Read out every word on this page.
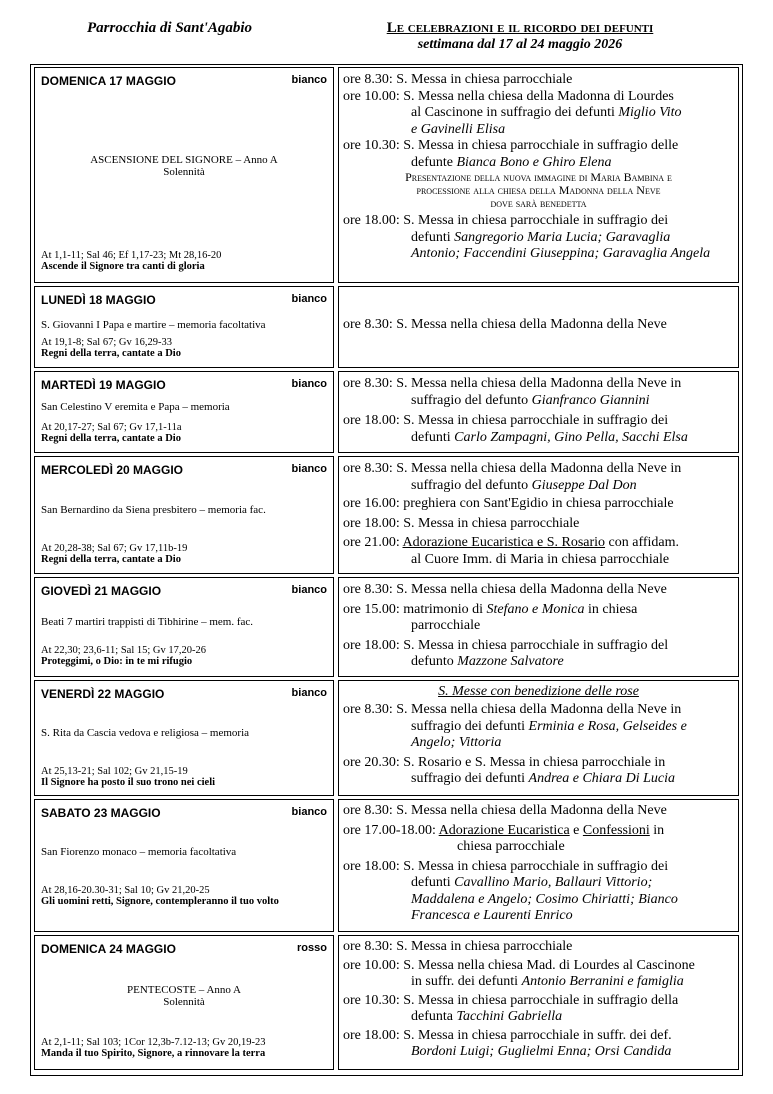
Parrocchia di Sant'Agabio	Le celebrazioni e il ricordo dei defunti
settimana dal 17 al 24 maggio 2026
DOMENICA 17 MAGGIO	bianco
ASCENSIONE DEL SIGNORE – Anno A
Solennità
At 1,1-11; Sal 46; Ef 1,17-23; Mt 28,16-20
Ascende il Signore tra canti di gloria

ore 8.30: S. Messa in chiesa parrocchiale

ore 10.00: S. Messa nella chiesa della Madonna di Lourdes
al Cascinone in suffragio dei defunti Miglio Vito
e Gavinelli Elisa

ore 10.30: S. Messa in chiesa parrocchiale in suffragio delle
defunte Bianca Bono e Ghiro Elena

Presentazione della nuova immagine di Maria Bambina e
processione alla chiesa della Madonna della Neve
dove sarà benedetta

ore 18.00: S. Messa in chiesa parrocchiale in suffragio dei
defunti Sangregorio Maria Lucia; Garavaglia
Antonio; Faccendini Giuseppina; Garavaglia Angela

LUNEDÌ 18 MAGGIO	bianco
S. Giovanni I Papa e martire – memoria facoltativa
At 19,1-8; Sal 67; Gv 16,29-33
Regni della terra, cantate a Dio

ore 8.30: S. Messa nella chiesa della Madonna della Neve

MARTEDÌ 19 MAGGIO	bianco
San Celestino V eremita e Papa – memoria
At 20,17-27; Sal 67; Gv 17,1-11a
Regni della terra, cantate a Dio

ore 8.30: S. Messa nella chiesa della Madonna della Neve in
suffragio del defunto Gianfranco Giannini

ore 18.00: S. Messa in chiesa parrocchiale in suffragio dei
defunti Carlo Zampagni, Gino Pella, Sacchi Elsa

MERCOLEDÌ 20 MAGGIO	bianco
San Bernardino da Siena presbitero – memoria fac.
At 20,28-38; Sal 67; Gv 17,11b-19
Regni della terra, cantate a Dio

ore 8.30: S. Messa nella chiesa della Madonna della Neve in
suffragio del defunto Giuseppe Dal Don

ore 16.00: preghiera con Sant'Egidio in chiesa parrocchiale

ore 18.00: S. Messa in chiesa parrocchiale

ore 21.00: Adorazione Eucaristica e S. Rosario con affidam.
al Cuore Imm. di Maria in chiesa parrocchiale

GIOVEDÌ 21 MAGGIO	bianco
Beati 7 martiri trappisti di Tibhirine – mem. fac.
At 22,30; 23,6-11; Sal 15; Gv 17,20-26
Proteggimi, o Dio: in te mi rifugio

ore 8.30: S. Messa nella chiesa della Madonna della Neve

ore 15.00: matrimonio di Stefano e Monica in chiesa
parrocchiale

ore 18.00: S. Messa in chiesa parrocchiale in suffragio del
defunto Mazzone Salvatore

VENERDÌ 22 MAGGIO	bianco
S. Rita da Cascia vedova e religiosa – memoria
At 25,13-21; Sal 102; Gv 21,15-19
Il Signore ha posto il suo trono nei cieli

S. Messe con benedizione delle rose

ore 8.30: S. Messa nella chiesa della Madonna della Neve in
suffragio dei defunti Erminia e Rosa, Gelseides e
Angelo; Vittoria

ore 20.30: S. Rosario e S. Messa in chiesa parrocchiale in
suffragio dei defunti Andrea e Chiara Di Lucia

SABATO 23 MAGGIO	bianco
San Fiorenzo monaco – memoria facoltativa
At 28,16-20.30-31; Sal 10; Gv 21,20-25
Gli uomini retti, Signore, contempleranno il tuo volto

ore 8.30: S. Messa nella chiesa della Madonna della Neve

ore 17.00-18.00: Adorazione Eucaristica e Confessioni in
chiesa parrocchiale

ore 18.00: S. Messa in chiesa parrocchiale in suffragio dei
defunti Cavallino Mario, Ballauri Vittorio;
Maddalena e Angelo; Cosimo Chiriatti; Bianco
Francesca e Laurenti Enrico

DOMENICA 24 MAGGIO	rosso
PENTECOSTE – Anno A
Solennità
At 2,1-11; Sal 103; 1Cor 12,3b-7.12-13; Gv 20,19-23
Manda il tuo Spirito, Signore, a rinnovare la terra

ore 8.30: S. Messa in chiesa parrocchiale

ore 10.00: S. Messa nella chiesa Mad. di Lourdes al Cascinone
in suffr. dei defunti Antonio Berranini e famiglia

ore 10.30: S. Messa in chiesa parrocchiale in suffragio della
defunta Tacchini Gabriella

ore 18.00: S. Messa in chiesa parrocchiale in suffr. dei def.
Bordoni Luigi; Guglielmi Enna; Orsi Candida
